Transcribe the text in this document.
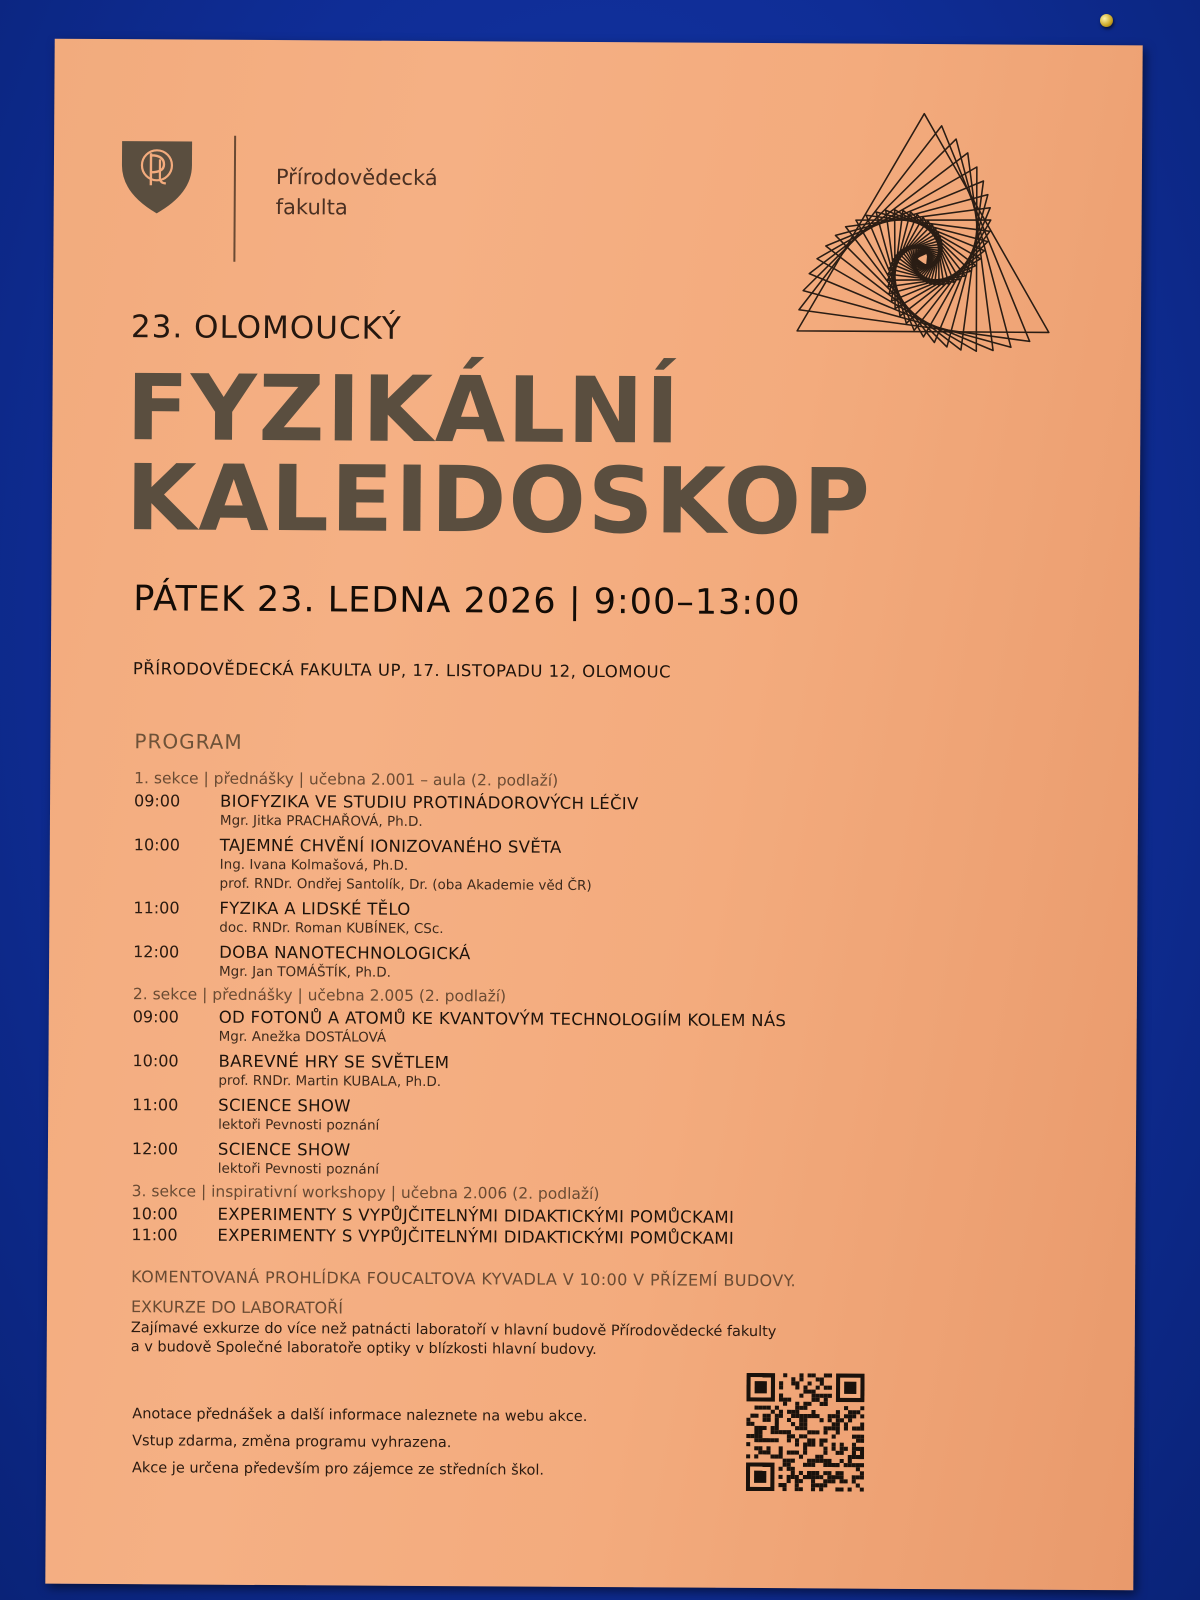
Přírodovědecká
fakulta
23. OLOMOUCKÝ
FYZIKÁLNÍ
KALEIDOSKOP
PÁTEK 23. LEDNA 2026 | 9:00–13:00
PŘÍRODOVĚDECKÁ FAKULTA UP, 17. LISTOPADU 12, OLOMOUC
PROGRAM
1. sekce | přednášky | učebna 2.001 – aula (2. podlaží)
09:00	BIOFYZIKA VE STUDIU PROTINÁDOROVÝCH LÉČIV
Mgr. Jitka PRACHAŘOVÁ, Ph.D.
10:00	TAJEMNÉ CHVĚNÍ IONIZOVANÉHO SVĚTA
Ing. Ivana Kolmašová, Ph.D.
prof. RNDr. Ondřej Santolík, Dr. (oba Akademie věd ČR)
11:00	FYZIKA A LIDSKÉ TĚLO
doc. RNDr. Roman KUBÍNEK, CSc.
12:00	DOBA NANOTECHNOLOGICKÁ
Mgr. Jan TOMÁŠTÍK, Ph.D.
2. sekce | přednášky | učebna 2.005 (2. podlaží)
09:00	OD FOTONŮ A ATOMŮ KE KVANTOVÝM TECHNOLOGIÍM KOLEM NÁS
Mgr. Anežka DOSTÁLOVÁ
10:00	BAREVNÉ HRY SE SVĚTLEM
prof. RNDr. Martin KUBALA, Ph.D.
11:00	SCIENCE SHOW
lektoři Pevnosti poznání
12:00	SCIENCE SHOW
lektoři Pevnosti poznání
3. sekce | inspirativní workshopy | učebna 2.006 (2. podlaží)
10:00	EXPERIMENTY S VYPŮJČITELNÝMI DIDAKTICKÝMI POMŮCKAMI
11:00	EXPERIMENTY S VYPŮJČITELNÝMI DIDAKTICKÝMI POMŮCKAMI
KOMENTOVANÁ PROHLÍDKA FOUCALTOVA KYVADLA V 10:00 V PŘÍZEMÍ BUDOVY.
EXKURZE DO LABORATOŘÍ
Zajímavé exkurze do více než patnácti laboratoří v hlavní budově Přírodovědecké fakulty
a v budově Společné laboratoře optiky v blízkosti hlavní budovy.
Anotace přednášek a další informace naleznete na webu akce.
Vstup zdarma, změna programu vyhrazena.
Akce je určena především pro zájemce ze středních škol.
